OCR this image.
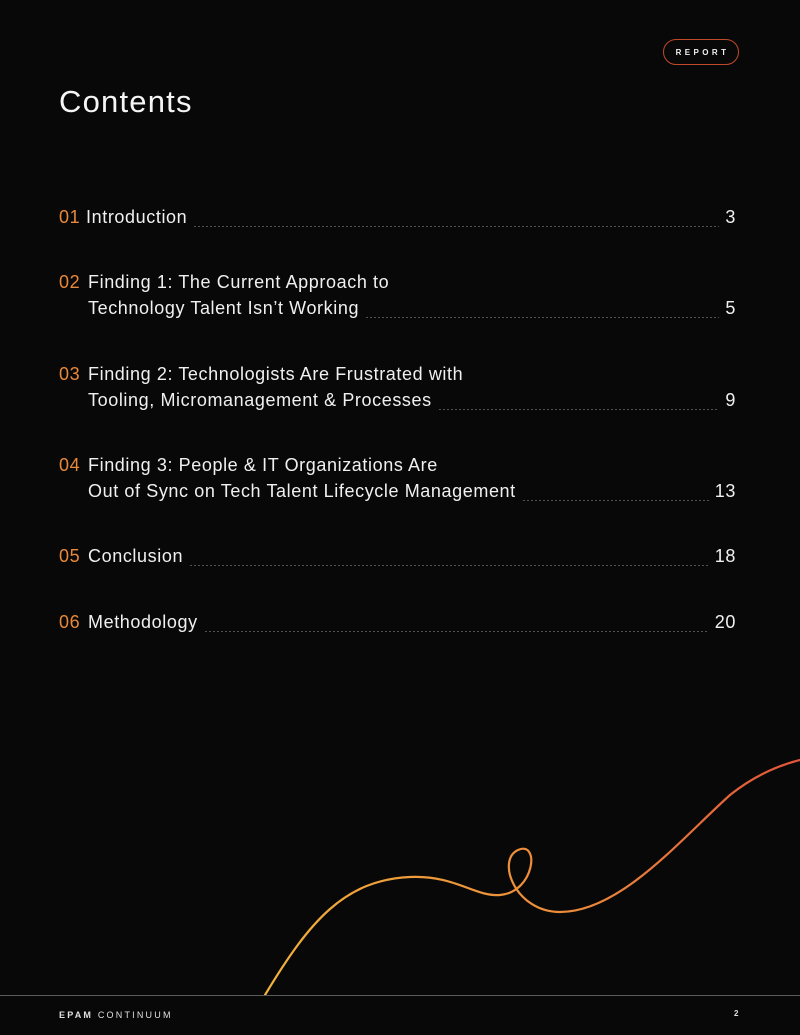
REPORT
Contents
01 Introduction	3
02 Finding 1: The Current Approach to
Technology Talent Isn’t Working	5
03 Finding 2: Technologists Are Frustrated with
Tooling, Micromanagement & Processes	9
04 Finding 3: People & IT Organizations Are
Out of Sync on Tech Talent Lifecycle Management	13
05 Conclusion	18
06 Methodology	20
EPAM CONTINUUM	2
